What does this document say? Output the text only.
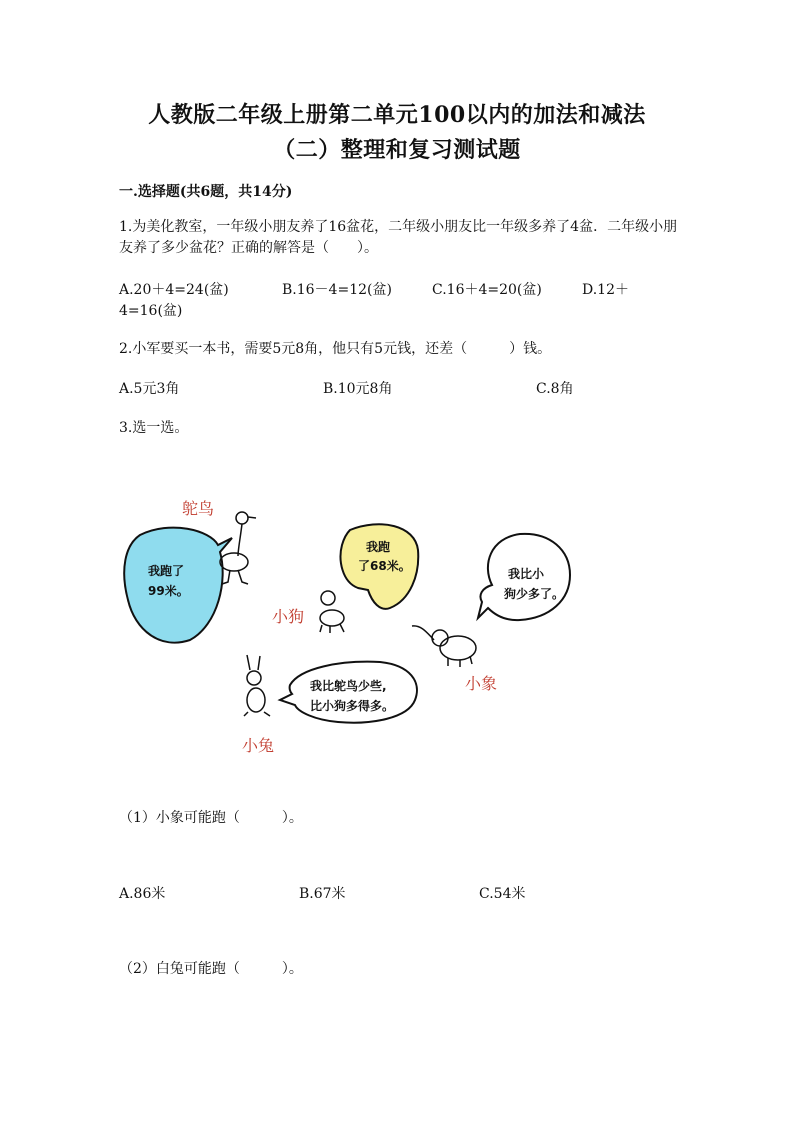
人教版二年级上册第二单元100以内的加法和减法
（二）整理和复习测试题
一.选择题(共6题，共14分)
1.为美化教室，一年级小朋友养了16盆花，二年级小朋友比一年级多养了4盆．二年级小朋友养了多少盆花？正确的解答是（　　）。
A.20＋4=24(盆)	B.16－4=12(盆)	C.16＋4=20(盆)	D.12＋
4=16(盆)
2.小军要买一本书，需要5元8角，他只有5元钱，还差（　　　）钱。
A.5元3角	B.10元8角	C.8角
3.选一选。
鸵鸟
我跑了
99米。
我跑
了68米。
小狗
我比小
狗少多了。
小象
我比鸵鸟少些,
比小狗多得多。
小兔
（1）小象可能跑（　　　）。
A.86米	B.67米	C.54米
（2）白兔可能跑（　　　）。
